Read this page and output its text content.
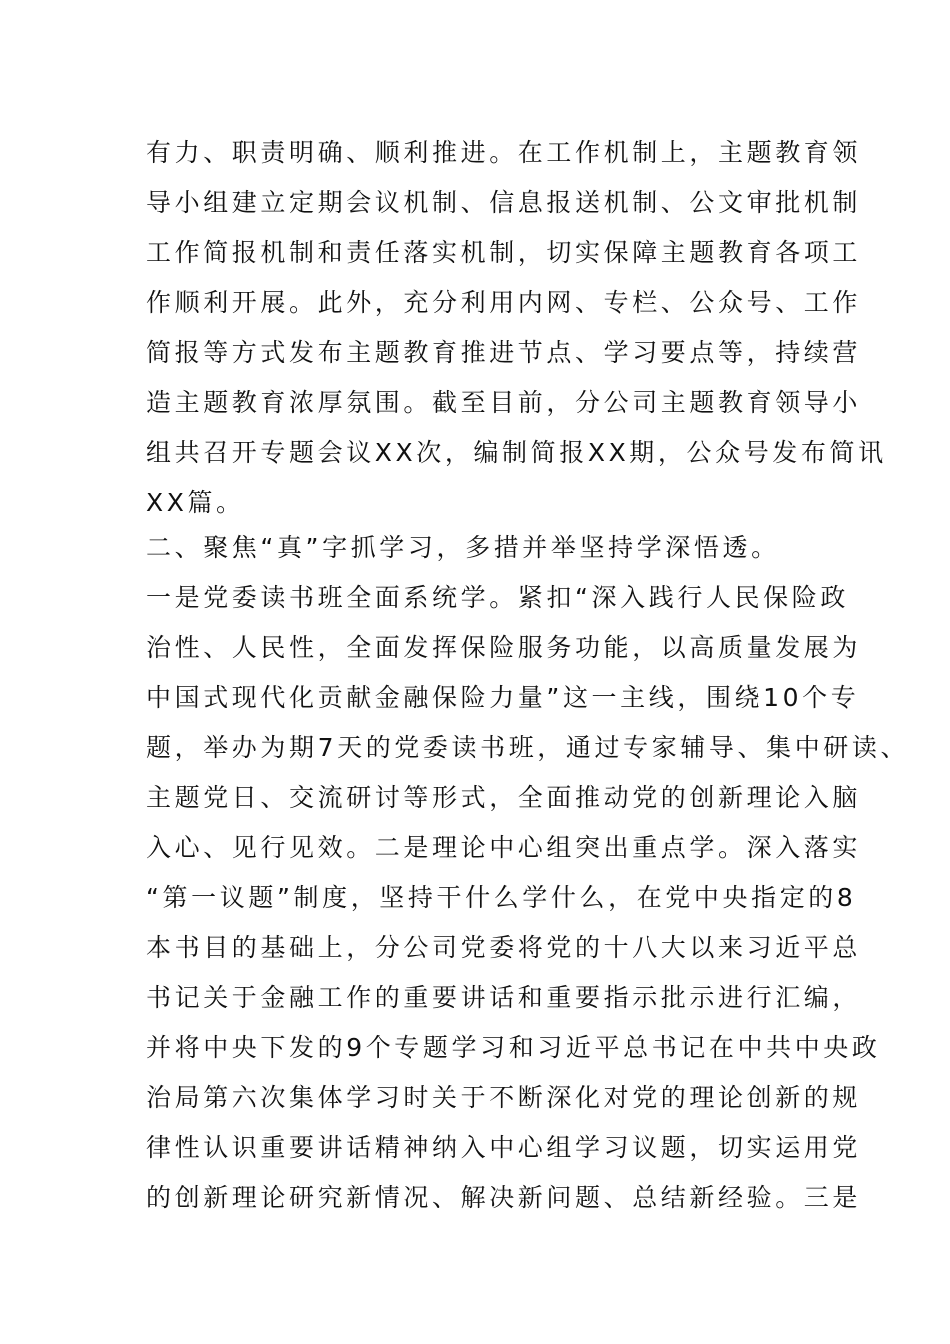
有力、职责明确、顺利推进。在工作机制上，主题教育领
导小组建立定期会议机制、信息报送机制、公文审批机制
工作简报机制和责任落实机制，切实保障主题教育各项工
作顺利开展。此外，充分利用内网、专栏、公众号、工作
简报等方式发布主题教育推进节点、学习要点等，持续营
造主题教育浓厚氛围。截至目前，分公司主题教育领导小
组共召开专题会议XX次，编制简报XX期，公众号发布简讯
XX篇。
二、聚焦“真”字抓学习，多措并举坚持学深悟透。
一是党委读书班全面系统学。紧扣“深入践行人民保险政
治性、人民性，全面发挥保险服务功能，以高质量发展为
中国式现代化贡献金融保险力量”这一主线，围绕10个专
题，举办为期7天的党委读书班，通过专家辅导、集中研读、
主题党日、交流研讨等形式，全面推动党的创新理论入脑
入心、见行见效。二是理论中心组突出重点学。深入落实
“第一议题”制度，坚持干什么学什么，在党中央指定的8
本书目的基础上，分公司党委将党的十八大以来习近平总
书记关于金融工作的重要讲话和重要指示批示进行汇编，
并将中央下发的9个专题学习和习近平总书记在中共中央政
治局第六次集体学习时关于不断深化对党的理论创新的规
律性认识重要讲话精神纳入中心组学习议题，切实运用党
的创新理论研究新情况、解决新问题、总结新经验。三是
